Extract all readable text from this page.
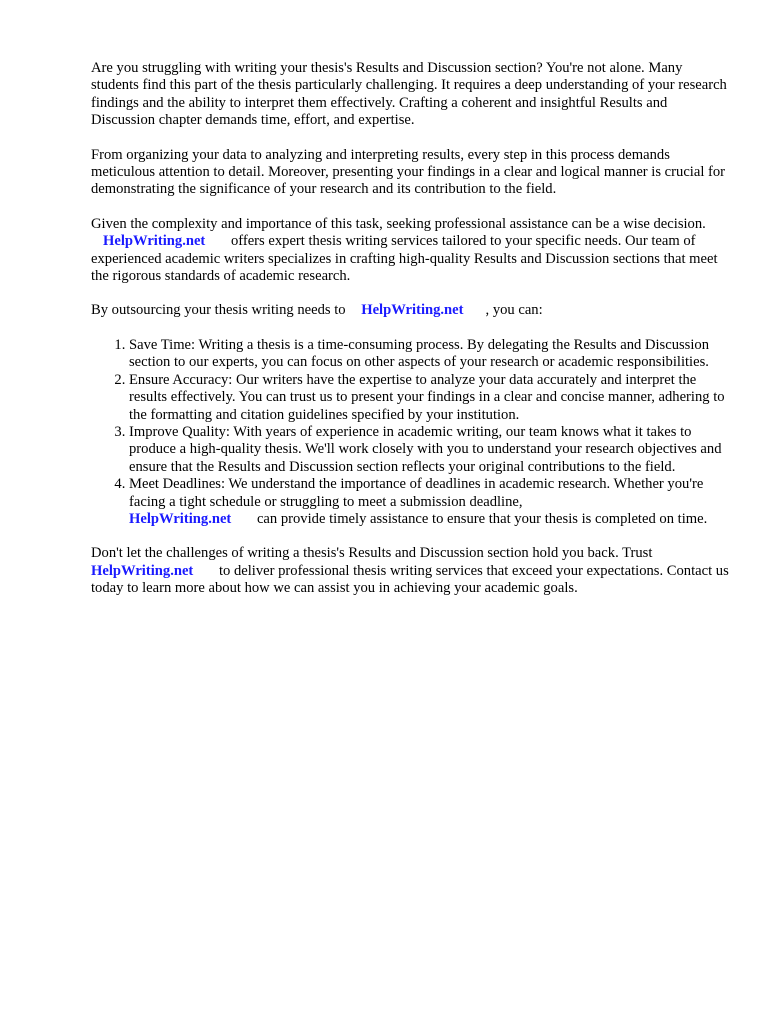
Are you struggling with writing your thesis's Results and Discussion section? You're not alone. Many students find this part of the thesis particularly challenging. It requires a deep understanding of your research findings and the ability to interpret them effectively. Crafting a coherent and insightful Results and Discussion chapter demands time, effort, and expertise.

From organizing your data to analyzing and interpreting results, every step in this process demands meticulous attention to detail. Moreover, presenting your findings in a clear and logical manner is crucial for demonstrating the significance of your research and its contribution to the field.

Given the complexity and importance of this task, seeking professional assistance can be a wise decision. HelpWriting.net offers expert thesis writing services tailored to your specific needs. Our team of experienced academic writers specializes in crafting high-quality Results and Discussion sections that meet the rigorous standards of academic research.

By outsourcing your thesis writing needs to HelpWriting.net , you can:

1. Save Time: Writing a thesis is a time-consuming process. By delegating the Results and Discussion section to our experts, you can focus on other aspects of your research or academic responsibilities.
2. Ensure Accuracy: Our writers have the expertise to analyze your data accurately and interpret the results effectively. You can trust us to present your findings in a clear and concise manner, adhering to the formatting and citation guidelines specified by your institution.
3. Improve Quality: With years of experience in academic writing, our team knows what it takes to produce a high-quality thesis. We'll work closely with you to understand your research objectives and ensure that the Results and Discussion section reflects your original contributions to the field.
4. Meet Deadlines: We understand the importance of deadlines in academic research. Whether you're facing a tight schedule or struggling to meet a submission deadline,
HelpWriting.net can provide timely assistance to ensure that your thesis is completed on time.

Don't let the challenges of writing a thesis's Results and Discussion section hold you back. Trust
HelpWriting.net to deliver professional thesis writing services that exceed your expectations. Contact us today to learn more about how we can assist you in achieving your academic goals.
